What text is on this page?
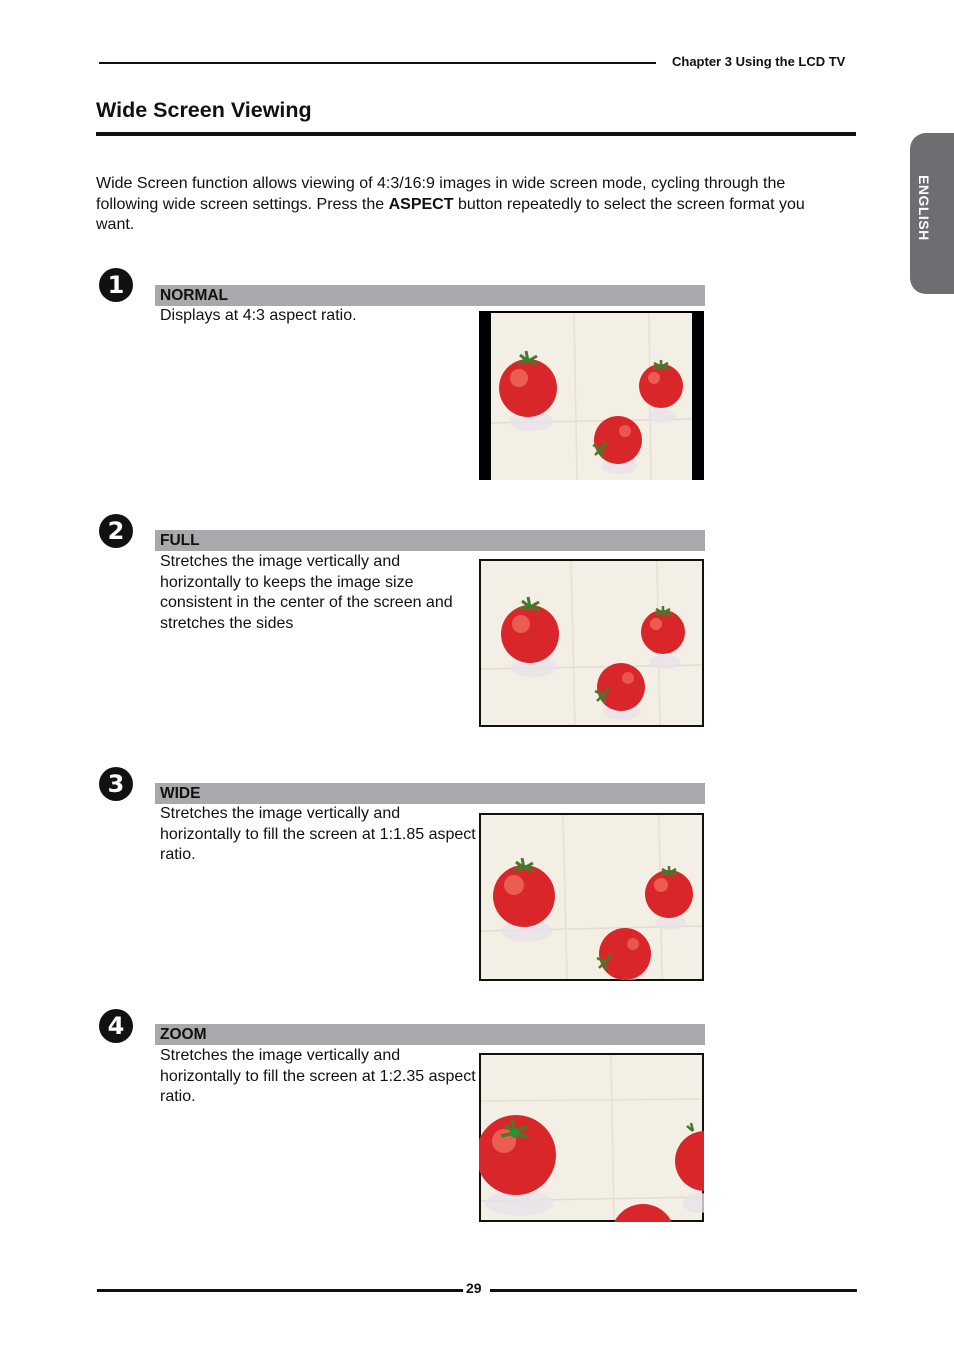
Chapter 3 Using the LCD TV
Wide Screen Viewing
ENGLISH
Wide Screen function allows viewing of 4:3/16:9 images in wide screen mode, cycling through the following wide screen settings. Press the ASPECT button repeatedly to select the screen format you want.
1	NORMAL
Displays at 4:3 aspect ratio.
2	FULL
Stretches the image vertically and horizontally to keeps the image size consistent in the center of the screen and stretches the sides
3	WIDE
Stretches the image vertically and horizontally to fill the screen at 1:1.85 aspect ratio.
4	ZOOM
Stretches the image vertically and horizontally to fill the screen at 1:2.35 aspect ratio.
29
